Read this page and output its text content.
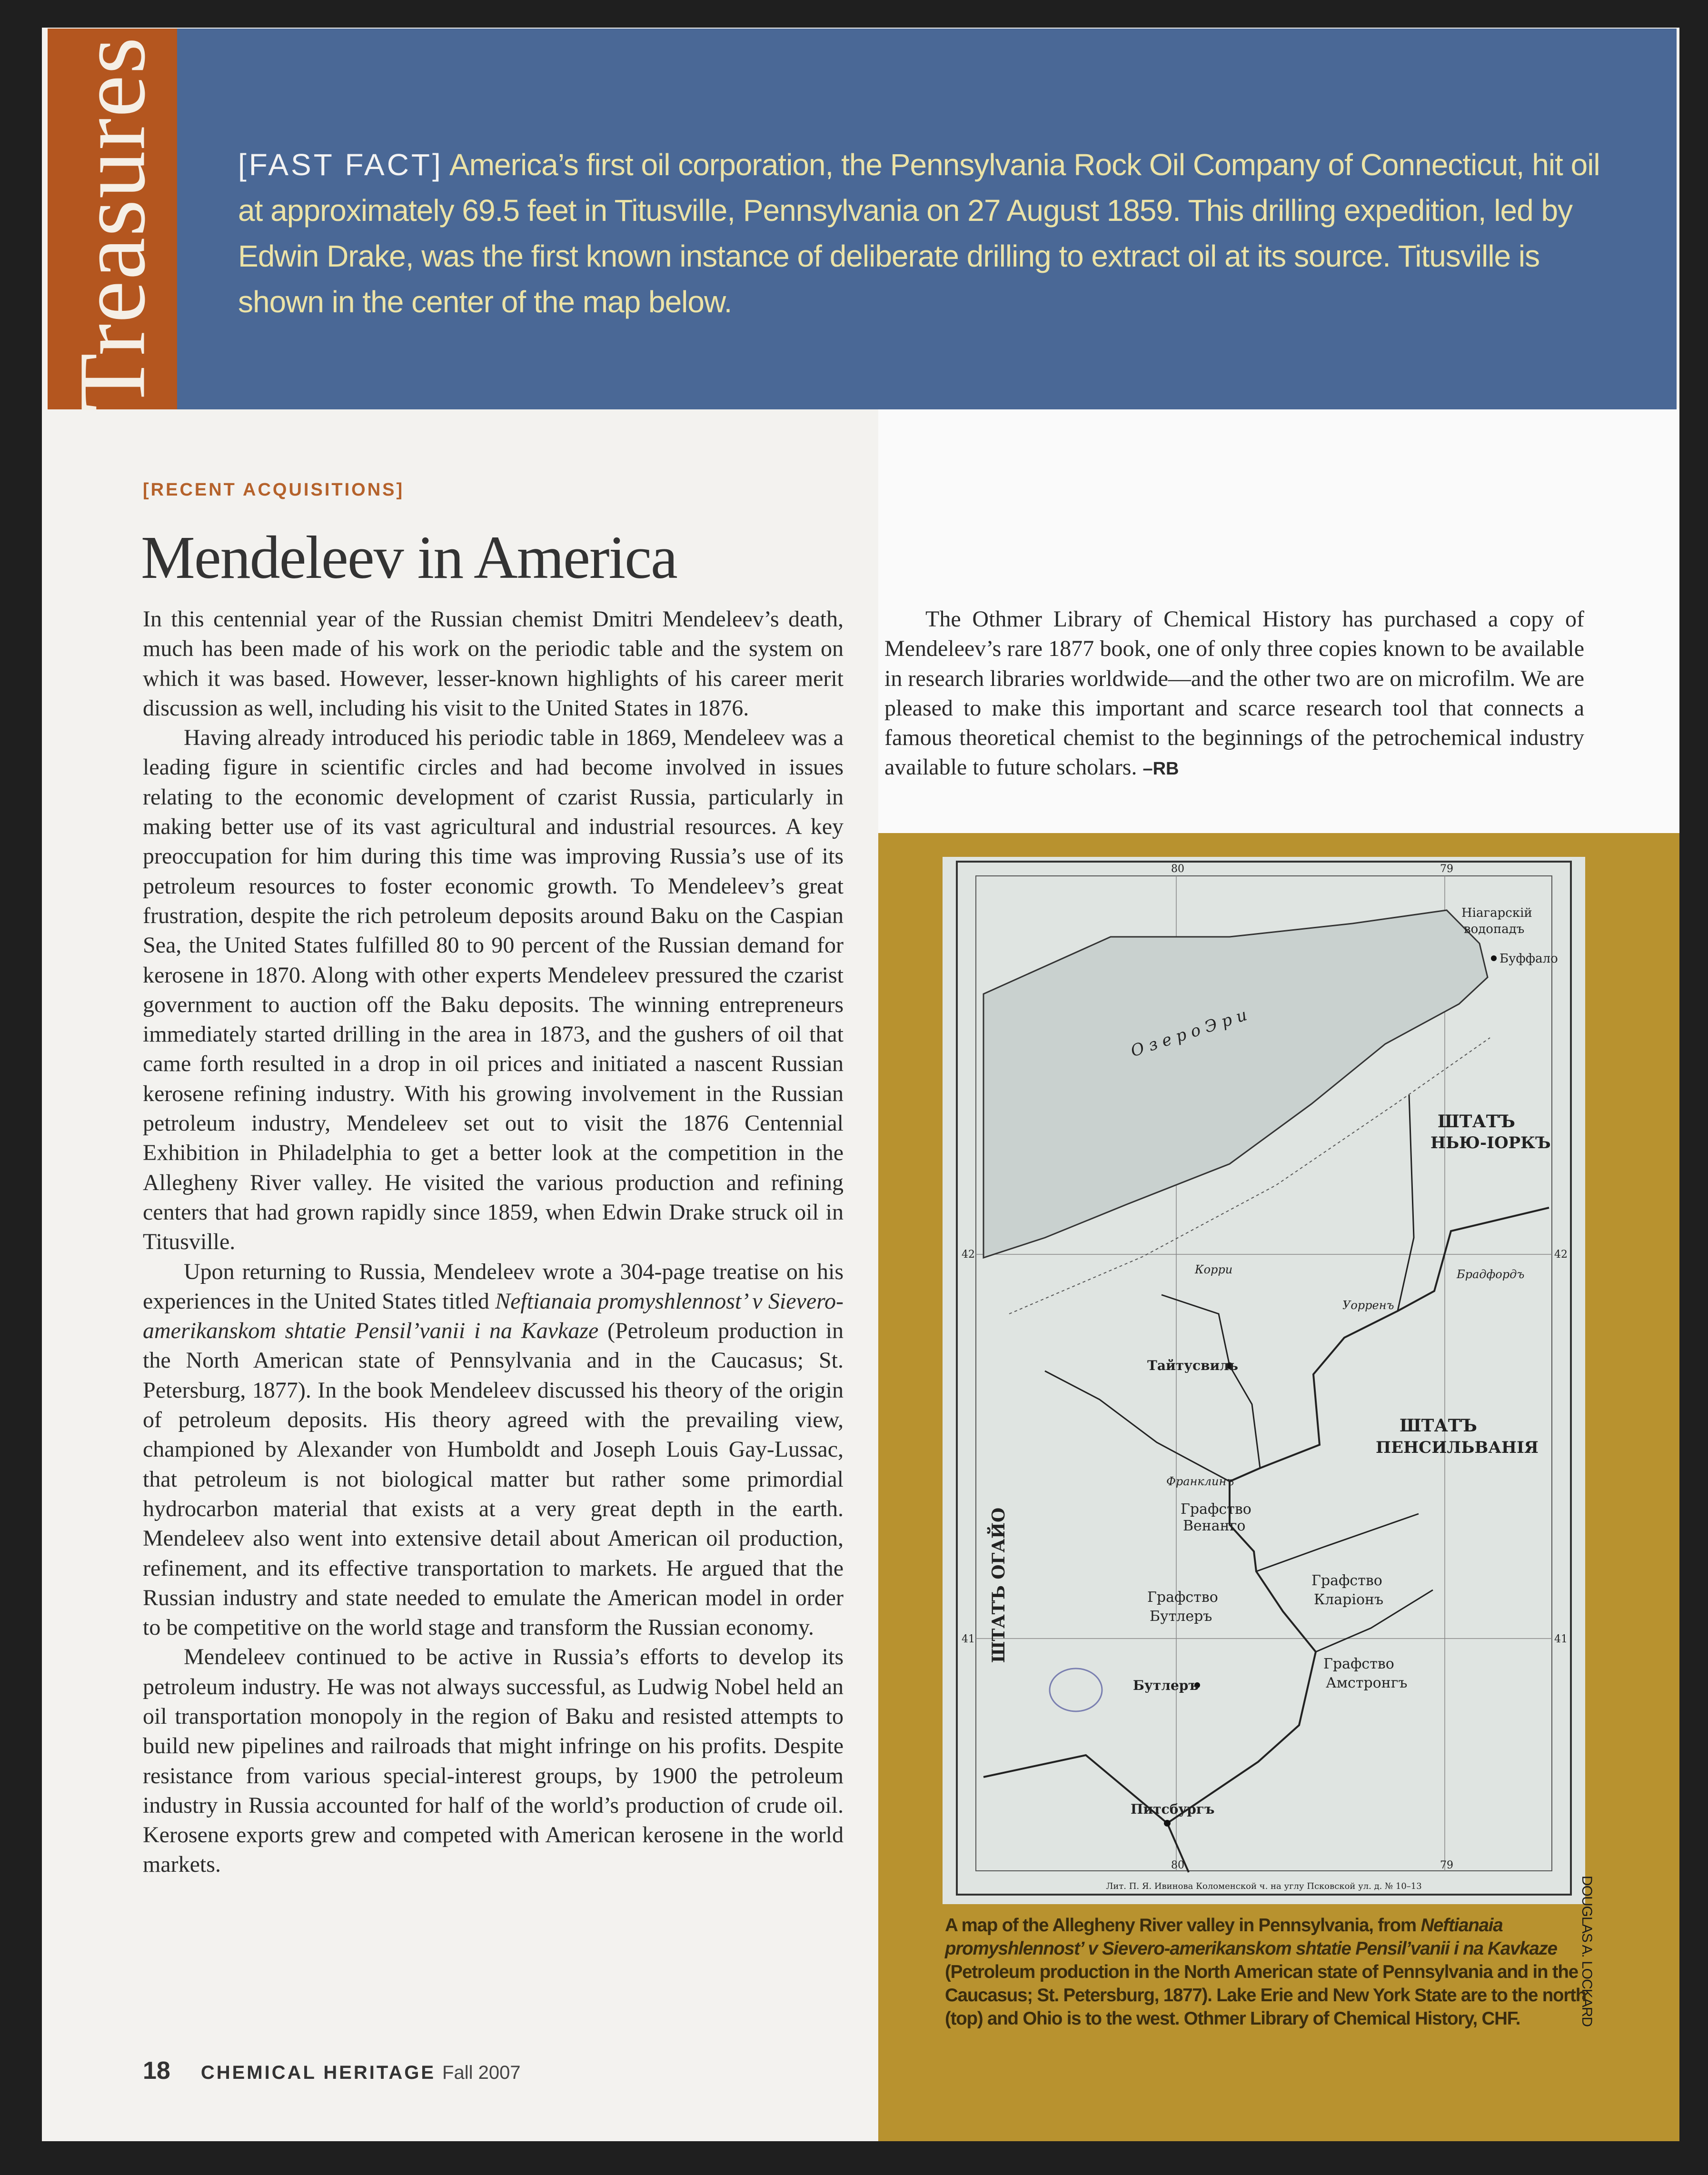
Treasures [FAST FACT] America’s first oil corporation, the Pennsylvania Rock Oil Company of Connecticut, hit oil at approximately 69.5 feet in Titusville, Pennsylvania on 27 August 1859. This drilling expedition, led by Edwin Drake, was the first known instance of deliberate drilling to extract oil at its source. Titusville is shown in the center of the map below.
[RECENT ACQUISITIONS]
Mendeleev in America

In this centennial year of the Russian chemist Dmitri Mendeleev’s death, much has been made of his work on the periodic table and the system on which it was based. However, lesser-known highlights of his career merit discussion as well, including his visit to the United States in 1876.

Having already introduced his periodic table in 1869, Mendeleev was a leading figure in scientific circles and had become involved in issues relating to the economic development of czarist Russia, particularly in making better use of its vast agricultural and industrial resources. A key preoccupation for him during this time was improving Russia’s use of its petroleum resources to foster economic growth. To Mendeleev’s great frustration, despite the rich petroleum deposits around Baku on the Caspian Sea, the United States fulfilled 80 to 90 percent of the Russian demand for kerosene in 1870. Along with other experts Mendeleev pressured the czarist government to auction off the Baku deposits. The winning entrepreneurs immediately started drilling in the area in 1873, and the gushers of oil that came forth resulted in a drop in oil prices and initiated a nascent Russian kerosene refining industry. With his growing involvement in the Russian petroleum industry, Mendeleev set out to visit the 1876 Centennial Exhibition in Philadelphia to get a better look at the competition in the Allegheny River valley. He visited the various production and refining centers that had grown rapidly since 1859, when Edwin Drake struck oil in Titusville.

Upon returning to Russia, Mendeleev wrote a 304-page treatise on his experiences in the United States titled Neftianaia promyshlennost’ v Sievero-amerikanskom shtatie Pensil’vanii i na Kavkaze (Petroleum production in the North American state of Pennsylvania and in the Caucasus; St. Petersburg, 1877). In the book Mendeleev discussed his theory of the origin of petroleum deposits. His theory agreed with the prevailing view, championed by Alexander von Humboldt and Joseph Louis Gay-Lussac, that petroleum is not biological matter but rather some primordial hydrocarbon material that exists at a very great depth in the earth. Mendeleev also went into extensive detail about American oil production, refinement, and its effective transportation to markets. He argued that the Russian industry and state needed to emulate the American model in order to be competitive on the world stage and transform the Russian economy.

Mendeleev continued to be active in Russia’s efforts to develop its petroleum industry. He was not always successful, as Ludwig Nobel held an oil transportation monopoly in the region of Baku and resisted attempts to build new pipelines and railroads that might infringe on his profits. Despite resistance from various special-interest groups, by 1900 the petroleum industry in Russia accounted for half of the world’s production of crude oil. Kerosene exports grew and competed with American kerosene in the world markets.

The Othmer Library of Chemical History has purchased a copy of Mendeleev’s rare 1877 book, one of only three copies known to be available in research libraries worldwide—and the other two are on microfilm. We are pleased to make this important and scarce research tool that connects a famous theoretical chemist to the beginnings of the petrochemical industry available to future scholars. –RB

Ніагарскій
водопадъ
Буффало
О з е р о Э р и
ШТАТЪ
НЬЮ-ІОРКЪ
ШТАТЪ
ПЕНСИЛЬВАНІЯ
ШТАТЪ ОГАЙО
Тайтусвиль
Корри
Уорренъ
Брадфордъ
Франклинъ
Графство
Венанго
Графство
Бутлеръ
Графство
Кларіонъ
Графство
Амстронгъ
Бутлеръ
Питсбургъ
80	79
80	79
42	42
41	41
Лит. П. Я. Ивинова Коломенской ч. на углу Псковской ул. д. № 10–13	DOUGLAS A. LOCKARD
A map of the Allegheny River valley in Pennsylvania, from Neftianaia promyshlennost’ v Sievero-amerikanskom shtatie Pensil’vanii i na Kavkaze (Petroleum production in the North American state of Pennsylvania and in the Caucasus; St. Petersburg, 1877). Lake Erie and New York State are to the north (top) and Ohio is to the west. Othmer Library of Chemical History, CHF.
18 CHEMICAL HERITAGE Fall 2007
